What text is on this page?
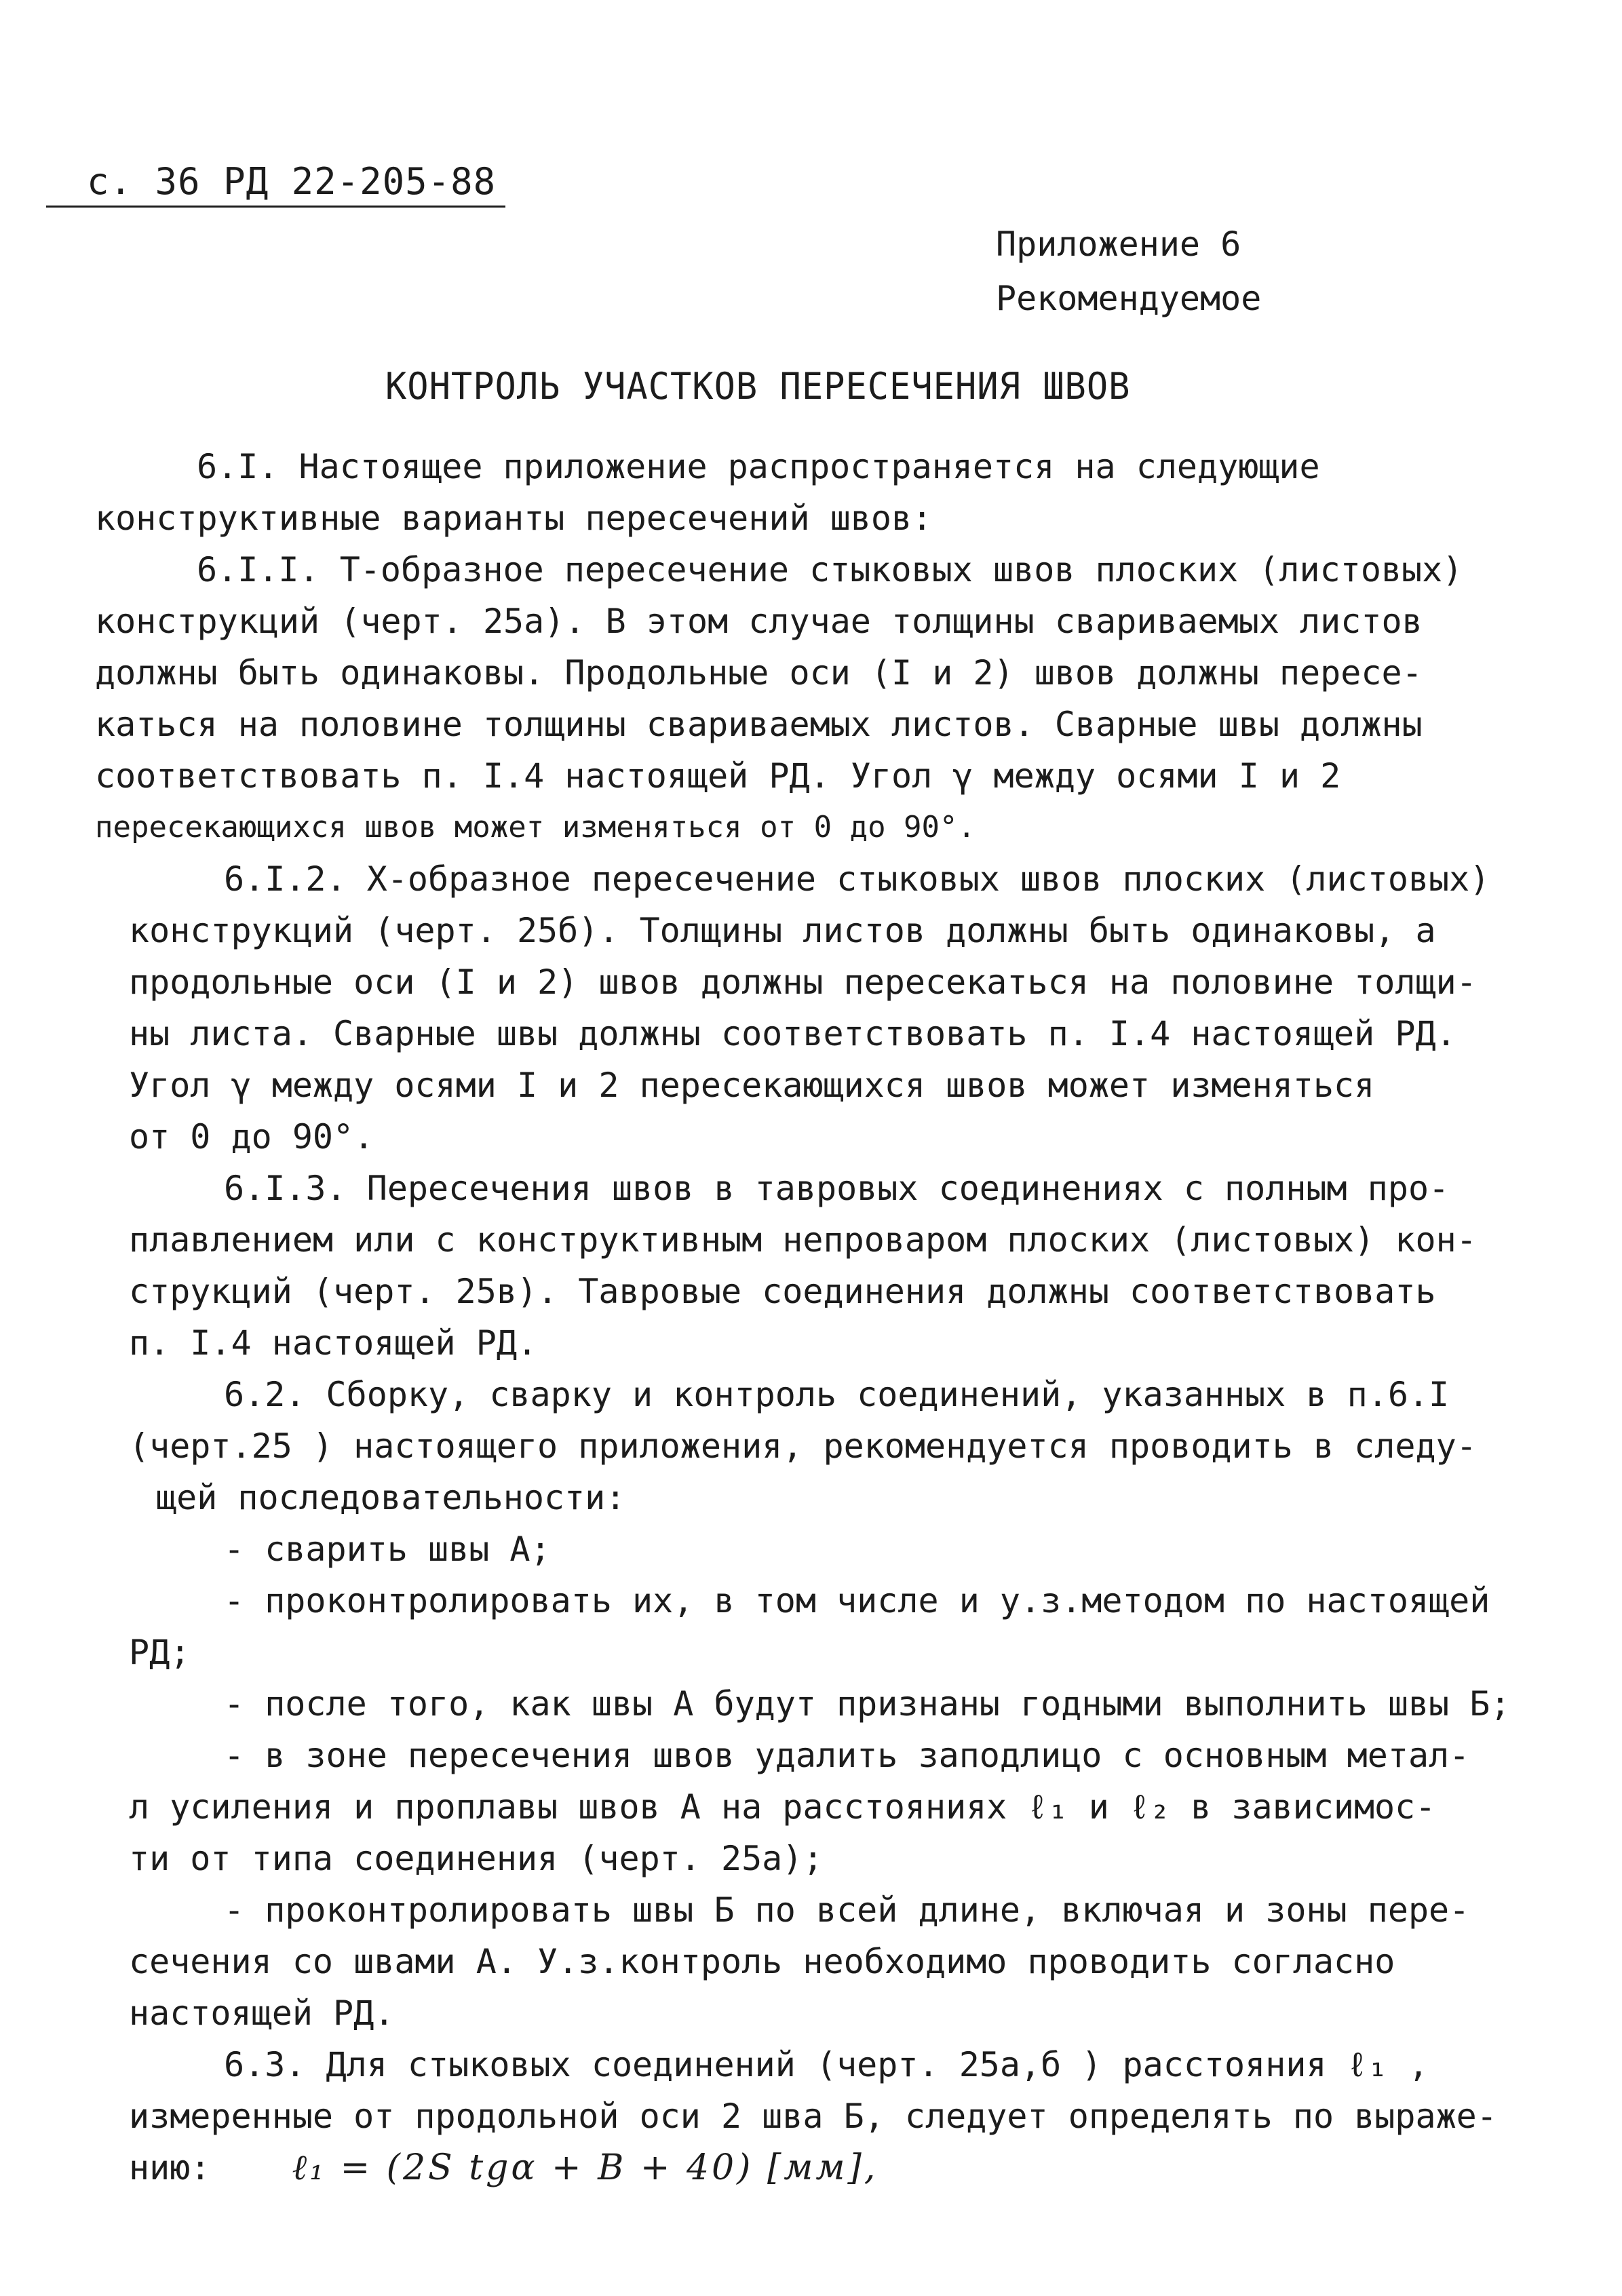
с. 36 РД 22-205-88
Приложение 6
Рекомендуемое
КОНТРОЛЬ УЧАСТКОВ ПЕРЕСЕЧЕНИЯ ШВОВ
6.I. Настоящее приложение распространяется на следующие
конструктивные варианты пересечений швов:
6.I.I. Т-образное пересечение стыковых швов плоских (листовых)
конструкций (черт. 25а). В этом случае толщины свариваемых листов
должны быть одинаковы. Продольные оси (I и 2) швов должны пересе-
каться на половине толщины свариваемых листов. Сварные швы должны
соответствовать п. I.4 настоящей РД. Угол γ между осями I и 2
пересекающихся швов может изменяться от 0 до 90°.
6.I.2. Х-образное пересечение стыковых швов плоских (листовых)
конструкций (черт. 25б). Толщины листов должны быть одинаковы, а
продольные оси (I и 2) швов должны пересекаться на половине толщи-
ны листа. Сварные швы должны соответствовать п. I.4 настоящей РД.
Угол γ между осями I и 2 пересекающихся швов может изменяться
от 0 до 90°.
6.I.3. Пересечения швов в тавровых соединениях с полным про-
плавлением или с конструктивным непроваром плоских (листовых) кон-
струкций (черт. 25в). Тавровые соединения должны соответствовать
п. I.4 настоящей РД.
6.2. Сборку, сварку и контроль соединений, указанных в п.6.I
(черт.25 ) настоящего приложения, рекомендуется проводить в следу-
щей последовательности:
- сварить швы А;
- проконтролировать их, в том числе и у.з.методом по настоящей
РД;
- после того, как швы А будут признаны годными выполнить швы Б;
- в зоне пересечения швов удалить заподлицо с основным метал-
л усиления и проплавы швов А на расстояниях ℓ₁ и ℓ₂ в зависимос-
ти от типа соединения (черт. 25а);
- проконтролировать швы Б по всей длине, включая и зоны пере-
сечения со швами А. У.з.контроль необходимо проводить согласно
настоящей РД.
6.3. Для стыковых соединений (черт. 25а,б ) расстояния ℓ₁ ,
измеренные от продольной оси 2 шва Б, следует определять по выраже-
нию: ℓ₁ = (2S tgα + B + 40) [мм],
